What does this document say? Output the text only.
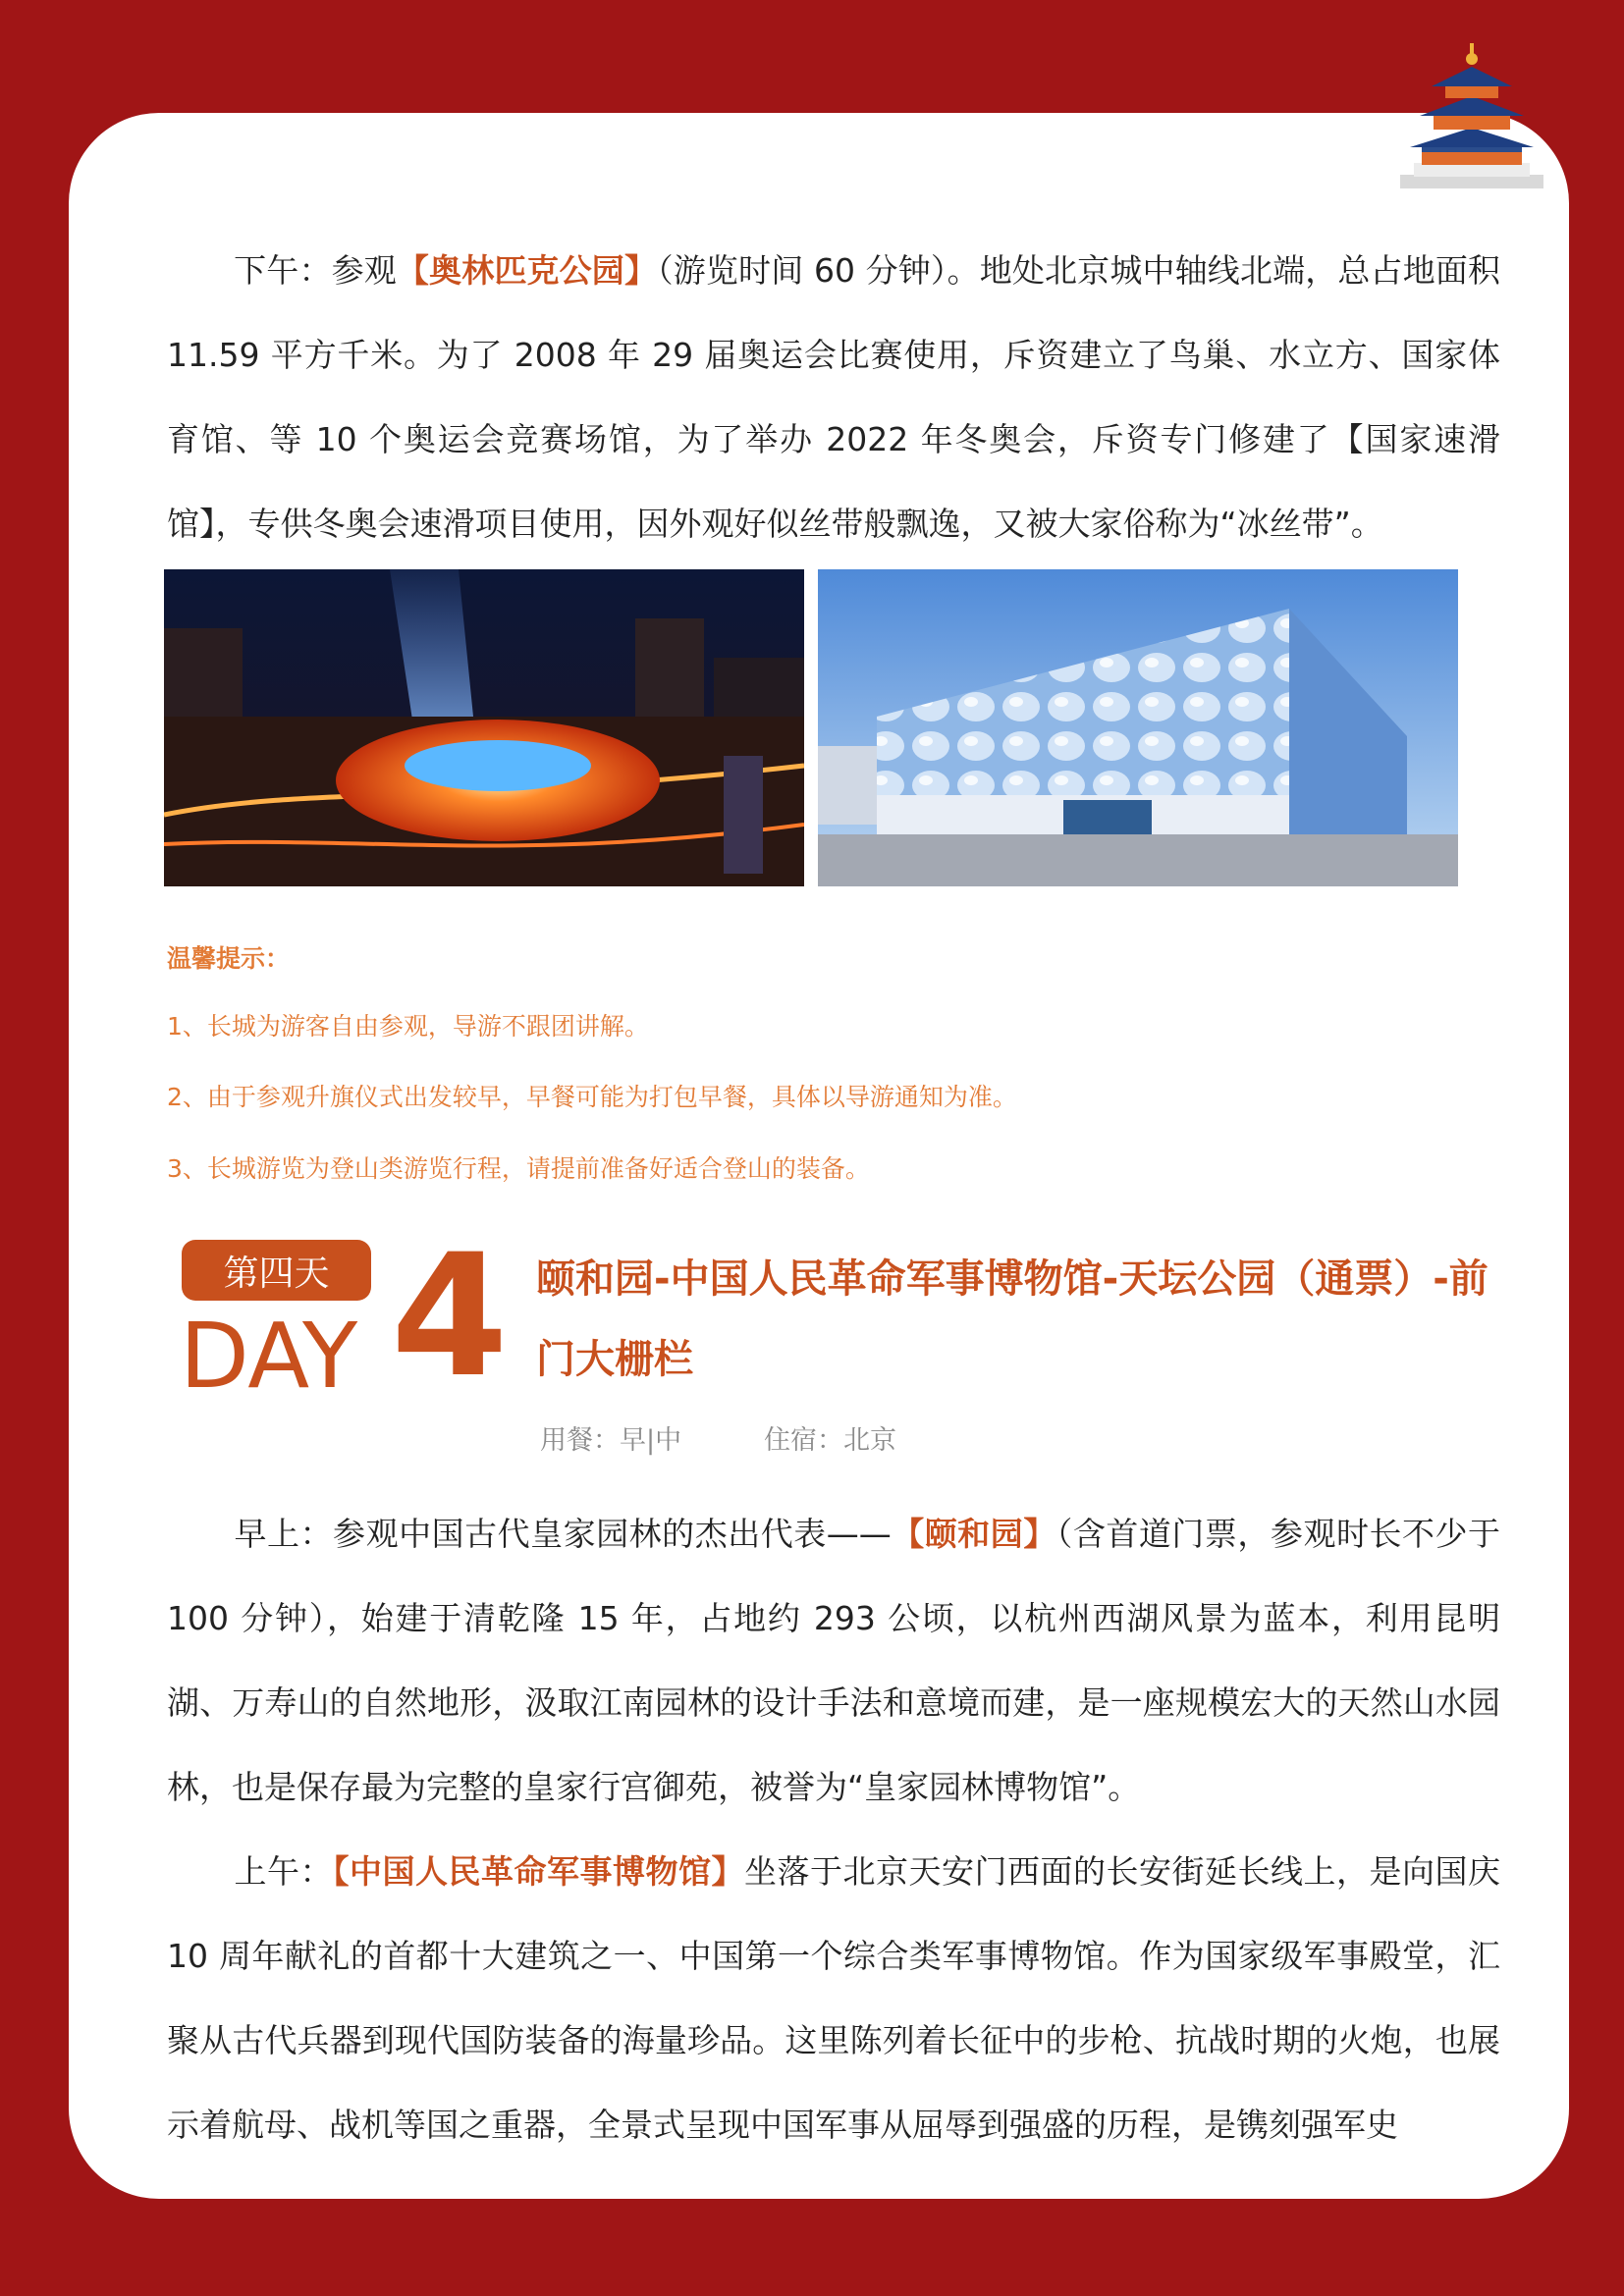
下午：参观【奥林匹克公园】（游览时间 60 分钟）。地处北京城中轴线北端，总占地面积 11.59 平方千米。为了 2008 年 29 届奥运会比赛使用，斥资建立了鸟巢、水立方、国家体育馆、等 10 个奥运会竞赛场馆，为了举办 2022 年冬奥会，斥资专门修建了【国家速滑馆】，专供冬奥会速滑项目使用，因外观好似丝带般飘逸，又被大家俗称为“冰丝带”。

温馨提示：
1、长城为游客自由参观，导游不跟团讲解。
2、由于参观升旗仪式出发较早，早餐可能为打包早餐，具体以导游通知为准。
3、长城游览为登山类游览行程，请提前准备好适合登山的装备。
第四天
DAY 4 颐和园-中国人民革命军事博物馆-天坛公园（通票）-前门大栅栏
用餐：早|中	住宿：北京

早上：参观中国古代皇家园林的杰出代表——【颐和园】（含首道门票，参观时长不少于 100 分钟），始建于清乾隆 15 年，占地约 293 公顷，以杭州西湖风景为蓝本，利用昆明湖、万寿山的自然地形，汲取江南园林的设计手法和意境而建，是一座规模宏大的天然山水园林，也是保存最为完整的皇家行宫御苑，被誉为“皇家园林博物馆”。

上午：【中国人民革命军事博物馆】坐落于北京天安门西面的长安街延长线上，是向国庆 10 周年献礼的首都十大建筑之一、中国第一个综合类军事博物馆。作为国家级军事殿堂，汇聚从古代兵器到现代国防装备的海量珍品。这里陈列着长征中的步枪、抗战时期的火炮，也展示着航母、战机等国之重器，全景式呈现中国军事从屈辱到强盛的历程，是镌刻强军史
